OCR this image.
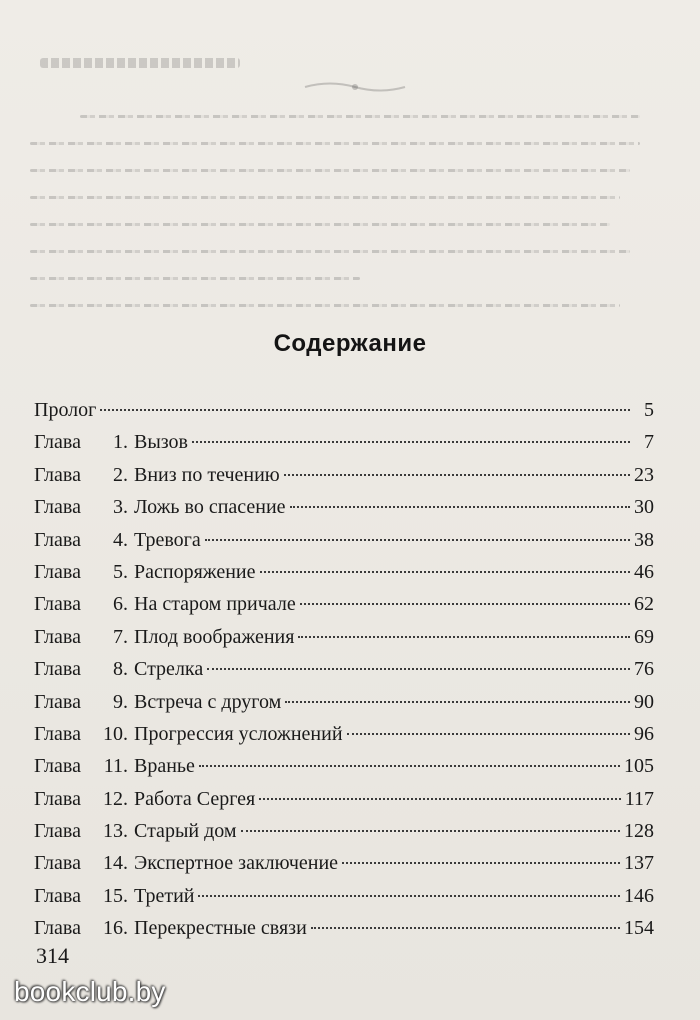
Содержание
Пролог	5
Глава	1. Вызов	7
Глава	2. Вниз по течению	23
Глава	3. Ложь во спасение	30
Глава	4. Тревога	38
Глава	5. Распоряжение	46
Глава	6. На старом причале	62
Глава	7. Плод воображения	69
Глава	8. Стрелка	76
Глава	9. Встреча с другом	90
Глава	10. Прогрессия усложнений	96
Глава	11. Вранье	105
Глава	12. Работа Сергея	117
Глава	13. Старый дом	128
Глава	14. Экспертное заключение	137
Глава	15. Третий	146
Глава	16. Перекрестные связи	154
314
bookclub.by
